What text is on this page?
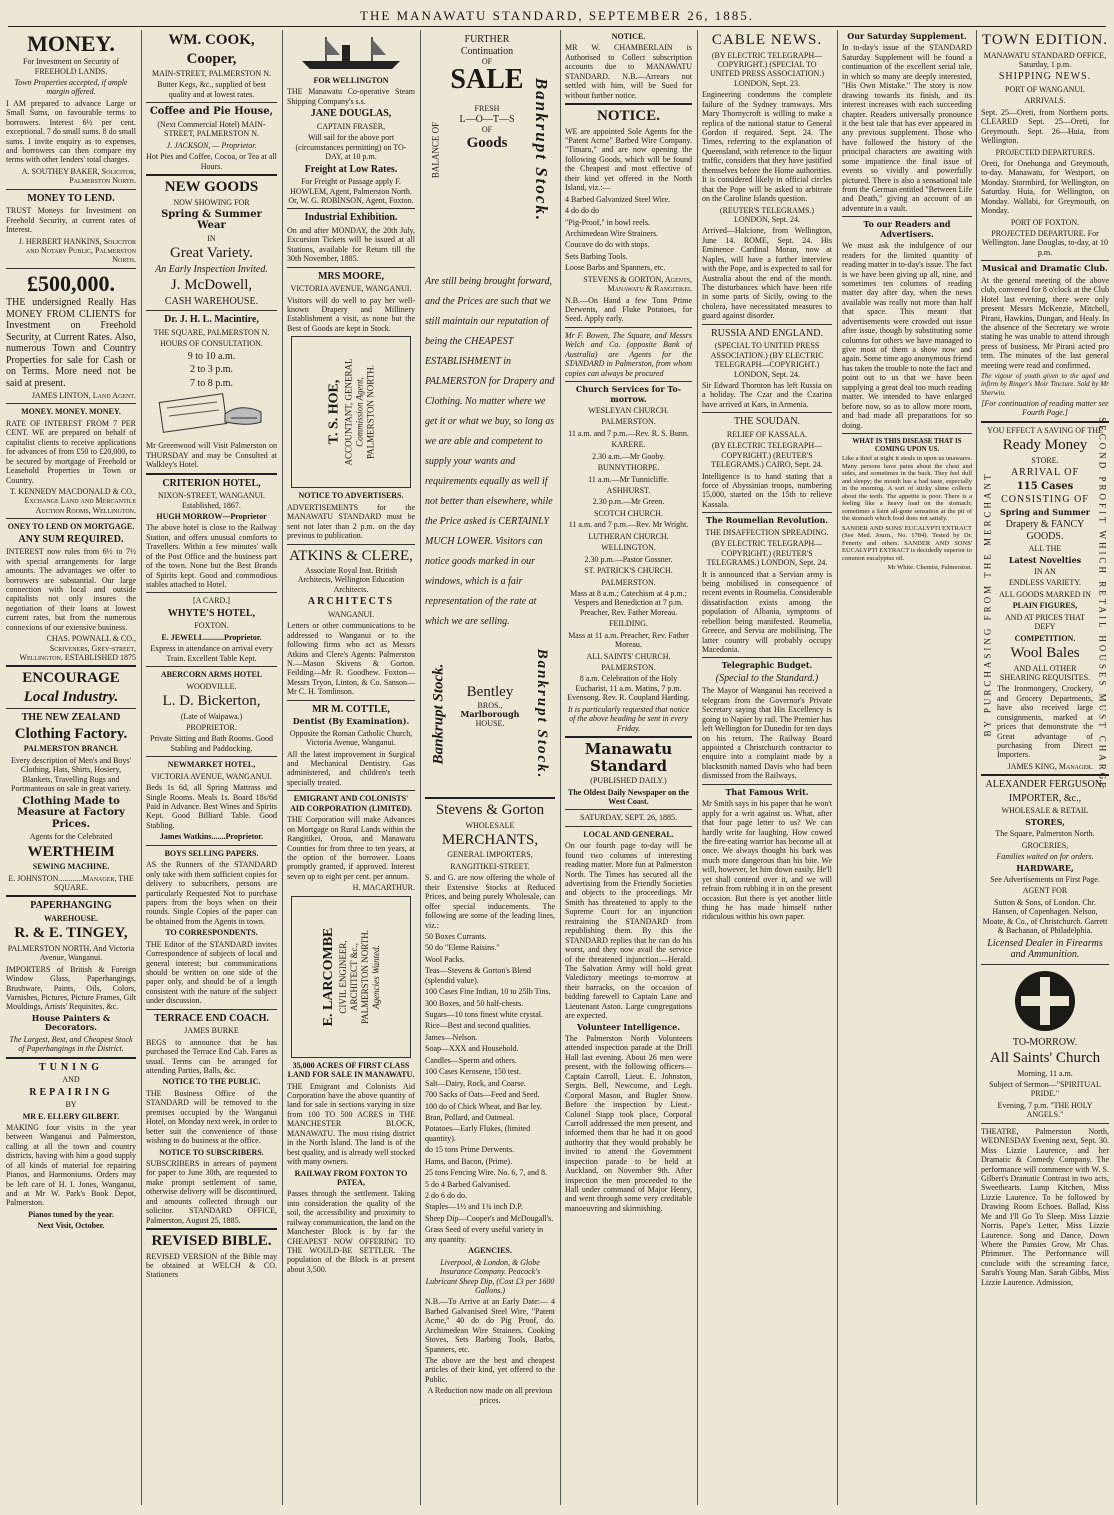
THE MANAWATU STANDARD, SEPTEMBER 26, 1885.
MONEY.

For Investment on Security of FREEHOLD LANDS.

Town Properties accepted, if ample margin offered.

I AM prepared to advance Large or Small Sums, on favourable terms to borrowers. Interest 6½ per cent. exceptional. 7 do small sums. 8 do small sums. I invite enquiry as to expenses, and borrowers can then compare my terms with other lenders' total charges.

A. SOUTHEY BAKER, Solicitor, Palmerston North.

MONEY TO LEND.

TRUST Moneys for Investment on Freehold Security, at current rates of Interest.

J. HERBERT HANKINS, Solicitor and Notary Public, Palmerston North.

£500,000.

THE undersigned Really Has MONEY FROM CLIENTS for Investment on Freehold Security, at Current Rates. Also, numerous Town and Country Properties for sale for Cash or on Terms. More need not be said at present.

JAMES LINTON, Land Agent.

MONEY. MONEY. MONEY.

RATE OF INTEREST FROM 7 PER CENT. WE are prepared on behalf of capitalist clients to receive applications for advances of from £50 to £20,000, to be secured by mortgage of Freehold or Leasehold Properties in Town or Country.

T. KENNEDY MACDONALD & CO., Exchange Land and Mercantile Auction Rooms, Wellington.

ONEY TO LEND ON MORTGAGE.
ANY SUM REQUIRED.

INTEREST now rules from 6½ to 7½ with special arrangements for large amounts. The advantages we offer to borrowers are substantial. Our large connection with local and outside capitalists not only insures the negotiation of their loans at lowest current rates, but from the numerous connexions of our extensive business.

CHAS. POWNALL & CO., Scriveners, Grey-street, Wellington. ESTABLISHED 1875

ENCOURAGE
Local Industry.
THE NEW ZEALAND
Clothing Factory.
PALMERSTON BRANCH.

Every description of Men's and Boys' Clothing, Hats, Shirts, Hosiery, Blankets, Travelling Rugs and Portmanteaus on sale in great variety.

Clothing Made to Measure at Factory Prices.

Agents for the Celebrated

WERTHEIM
SEWING MACHINE.

E. JOHNSTON............Manager, THE SQUARE.

PAPERHANGING
WAREHOUSE.
R. & E. TINGEY,

PALMERSTON NORTH, And Victoria Avenue, Wanganui.

IMPORTERS of British & Foreign Window Glass, Paperhangings, Brushware, Paints, Oils, Colors, Varnishes, Pictures, Picture Frames, Gilt Mouldings, Artists' Requisites, &c.

House Painters & Decorators.

The Largest, Best, and Cheapest Stock of Paperhangings in the District.

TUNING

AND

REPAIRING

BY

MR E. ELLERY GILBERT.

MAKING four visits in the year between Wanganui and Palmerston, calling at all the town and country districts, having with him a good supply of all kinds of material for repairing Pianos, and Harmoniums. Orders may be left care of H. I. Jones, Wanganui, and at Mr W. Park's Book Depot, Palmerston.

Pianos tuned by the year.

Next Visit, October.

WM. COOK,
Cooper,

MAIN-STREET, PALMERSTON N.

Butter Kegs, &c., supplied of best quality and at lowest rates.

Coffee and Pie House,

(Next Commercial Hotel) MAIN-STREET, PALMERSTON N.

J. JACKSON, — Proprietor.

Hot Pies and Coffee, Cocoa, or Tea at all Hours.

NEW GOODS

NOW SHOWING FOR

Spring & Summer Wear

IN

Great Variety.

An Early Inspection Invited.

J. McDowell,

CASH WAREHOUSE.

Dr. J. H. L. Macintire,

THE SQUARE, PALMERSTON N.

HOURS OF CONSULTATION.

9 to 10 a.m.

2 to 3 p.m.

7 to 8 p.m.

Mr Greenwood will Visit Palmerston on THURSDAY and may be Consulted at Walkley's Hotel.

CRITERION HOTEL,

NIXON-STREET, WANGANUI. Established, 1867.

HUGH MORROW—Proprietor

The above hotel is close to the Railway Station, and offers unusual comforts to Travellers. Within a few minutes' walk of the Post Office and the business part of the town. None but the Best Brands of Spirits kept. Good and commodious stables attached to Hotel.

[A CARD.]

WHYTE'S HOTEL,

FOXTON.

E. JEWELL..........Proprietor.

Express in attendance on arrival every Train. Excellent Table Kept.

ABERCORN ARMS HOTEL

WOODVILLE.

L. D. Bickerton,

(Late of Waipawa.)

PROPRIETOR.

Private Sitting and Bath Rooms. Good Stabling and Paddocking.

NEWMARKET HOTEL,

VICTORIA AVENUE, WANGANUI.

Beds 1s 6d, all Spring Mattrass and Single Rooms. Meals 1s. Board 18s/6d Paid in Advance. Best Wines and Spirits Kept. Good Billiard Table. Good Stabling.

James Watkins.......Proprietor.
BOYS SELLING PAPERS.

AS the Runners of the STANDARD only take with them sufficient copies for delivery to subscribers, persons are particularly Requested Not to purchase papers from the boys when on their rounds. Single Copies of the paper can be obtained from the Agents in town.

TO CORRESPONDENTS.

THE Editor of the STANDARD invites Correspondence of subjects of local and general interest; but communications should be written on one side of the paper only, and should be of a length consistent with the nature of the subject under discussion.

TERRACE END COACH.

JAMES BURKE

BEGS to announce that he has purchased the Terrace End Cab. Fares as usual. Terms can be arranged for attending Parties, Balls, &c.

NOTICE TO THE PUBLIC.

THE Business Office of the STANDARD will be removed to the premises occupied by the Wanganui Hotel, on Monday next week, in order to better suit the convenience of those wishing to do business at the office.

NOTICE TO SUBSCRIBERS.

SUBSCRIBERS in arrears of payment for paper to June 30th, are requested to make prompt settlement of same, otherwise delivery will be discontinued, and amounts collected through our solicitor. STANDARD OFFICE, Palmerston, August 25, 1885.

REVISED BIBLE.

REVISED VERSION of the Bible may be obtained at WELCH & CO. Stationers

FOR WELLINGTON

THE Manawatu Co-operative Steam Shipping Company's s.s.

JANE DOUGLAS,

CAPTAIN FRASER,

Will sail for the above port (circumstances permitting) on TO-DAY, at 10 p.m.

Freight at Low Rates.

For Freight or Passage apply F. HOWLEM, Agent, Palmerston North. Or, W. G. ROBINSON, Agent, Foxton.

Industrial Exhibition.

On and after MONDAY, the 20th July, Excursion Tickets will be issued at all Stations, available for Return till the 30th November, 1885.

MRS MOORE,

VICTORIA AVENUE, WANGANUI.

Visitors will do well to pay her well-known Drapery and Millinery Establishment a visit, as none but the Best of Goods are kept in Stock.

T. S. HOE, ACCOUNTANT, GENERAL Commission Agent, PALMERSTON NORTH.
NOTICE TO ADVERTISERS.

ADVERTISEMENTS for the MANAWATU STANDARD must be sent not later than 2 p.m. on the day previous to publication.

ATKINS & CLERE,

Associate Royal Inst. British Architects, Wellington Education Architects.

ARCHITECTS

WANGANUI.

Letters or other communications to be addressed to Wanganui or to the following firms who act as Messrs Atkins and Clere's Agents: Palmerston N.—Mason Skivens & Gorton. Feilding—Mr R. Goodhew. Foxton—Messrs Tryon, Linton, & Co. Sanson—Mr C. H. Tomlinson.

MR M. COTTLE,
Dentist (By Examination).

Opposite the Roman Catholic Church, Victoria Avenue, Wanganui.

All the latest improvement in Surgical and Mechanical Dentistry. Gas administered, and children's teeth specially treated.

EMIGRANT AND COLONISTS' AID CORPORATION (LIMITED).

THE Corporation will make Advances on Mortgage on Rural Lands within the Rangitikei, Oroua, and Manawatu Counties for from three to ten years, at the option of the borrower. Loans promptly granted, if approved. Interest seven up to eight per cent. per annum.

H. MACARTHUR.

E. LARCOMBE CIVIL ENGINEER, ARCHITECT &c., PALMERSTON NORTH. Agencies Wanted.
35,000 ACRES OF FIRST CLASS LAND FOR SALE IN MANAWATU.

THE Emigrant and Colonists Aid Corporation have the above quantity of land for sale in sections varying in size from 100 TO 500 ACRES in THE MANCHESTER BLOCK, MANAWATU. The most rising district in the North Island. The land is of the best quality, and is already well stocked with many owners.

RAILWAY FROM FOXTON TO PATEA,

Passes through the settlement. Taking into consideration the quality of the soil, the accessibility and proximity to railway communication, the land on the Manchester Block is by far the CHEAPEST NOW OFFERING TO THE WOULD-BE SETTLER. The population of the Block is at present about 3,500.

BALANCE OF	Bankrupt Stock.
FURTHER
Continuation
OF
SALE
FRESH
L—O—T—S
OF
Goods

Are still being brought forward, and the Prices are such that we still maintain our reputation of being the CHEAPEST ESTABLISHMENT in PALMERSTON for Drapery and Clothing. No matter where we get it or what we buy, so long as we are able and competent to supply your wants and requirements equally as well if not better than elsewhere, while the Price asked is CERTAINLY MUCH LOWER. Visitors can notice goods marked in our windows, which is a fair representation of the rate at which we are selling.

Bankrupt Stock.	Bankrupt Stock.
Bentley
BROS.,
Marlborough
HOUSE.
Stevens & Gorton

WHOLESALE

MERCHANTS,
GENERAL IMPORTERS,

RANGITIKEI-STREET.

S. and G. are now offering the whole of their Extensive Stocks at Reduced Prices, and being purely Wholesale, can offer special inducements. The following are some of the leading lines, viz.:

50 Boxes Currants.

50 do "Eleme Raisins."

Wool Packs.

Teas—Stevens & Gorton's Blend (splendid value).

100 Cases Fine Indian, 10 to 25lb Tins.

300 Boxes, and 50 half-chests.

Sugars—10 tons finest white crystal.

Rice—Best and second qualities.

James—Nelson.

Soap—XXX and Household.

Candles—Sperm and others.

100 Cases Kerosene, 150 test.

Salt—Dairy, Rock, and Coarse.

700 Sacks of Oats—Feed and Seed.

100 do of Chick Wheat, and Bar ley.

Bran, Pollard, and Oatmeal.

Potatoes—Early Flukes, (limited quantity).

do 15 tons Prime Derwents.

Hams, and Bacon, (Prime).

25 tons Fencing Wire. No. 6, 7, and 8.

5 do 4 Barbed Galvanised.

2 do 6 do do.

Staples—1½ and 1¾ inch D.P.

Sheep Dip—Cooper's and McDougall's.

Grass Seed of every useful variety in any quantity.

AGENCIES.

Liverpool, & London, & Globe Insurance Company. Peacock's Lubricant Sheep Dip, (Cost £3 per 1600 Gallons.)

N.B.—To Arrive at an Early Date:— 4 Barbed Galvanised Steel Wire, "Patent Acme," 40 do do Pig Proof, do. Archimedean Wire Strainers. Cooking Stoves, Sets Barbing Tools, Barbs, Spanners, etc.

The above are the best and cheapest articles of their kind, yet offered to the Public.

A Reduction now made on all previous prices.

NOTICE.

MR W. CHAMBERLAIN is Authorised to Collect subscription accounts due to MANAWATU STANDARD. N.B.—Arrears not settled with him, will be Sued for without further notice.

NOTICE.

WE are appointed Sole Agents for the "Patent Acme" Barbed Wire Company. "Timaru," and are now opening the following Goods, which will be found the Cheapest and most effective of their kind yet offered in the North Island, viz.:—

4 Barbed Galvanized Steel Wire.

4 do do do

"Pig-Proof," in bowl reels.

Archimedean Wire Strainers.

Coucave do do with stops.

Sets Barbing Tools.

Loose Barbs and Spanners, etc.

STEVENS & GORTON, Agents, Manawatu & Rangitikei.

N.B.—On Hand a few Tons Prime Derwents, and Fluke Potatoes, for Seed. Apply early.

Mr F. Bowen, The Square, and Messrs Welch and Co. (opposite Bank of Australia) are Agents for the STANDARD in Palmerston, from whom copies can always be procured

Church Services for To-morrow.

WESLEYAN CHURCH.

PALMERSTON.

11 a.m. and 7 p.m.—Rev. R. S. Bunn.

KARERE.

2.30 a.m.—Mr Gooby.

BUNNYTHORPE.

11 a.m.—Mr Tunnicliffe.

ASHHURST.

2.30 p.m.—Mr Green.

SCOTCH CHURCH.

11 a.m. and 7 p.m.—Rev. Mr Wright.

LUTHERAN CHURCH.

WELLINGTON.

2.30 p.m.—Pastor Gossner.

ST. PATRICK'S CHURCH.

PALMERSTON.

Mass at 8 a.m.; Catechism at 4 p.m.; Vespers and Benediction at 7 p.m. Preacher, Rev. Father Moreau.

FEILDING.

Mass at 11 a.m. Preacher, Rev. Father Moreau.

ALL SAINTS' CHURCH.

PALMERSTON.

8 a.m. Celebration of the Holy Eucharist, 11 a.m. Matins, 7 p.m. Evensong. Rev. R. Coupland Harding.

It is particularly requested that notice of the above heading be sent in every Friday.

Manawatu Standard

(PUBLISHED DAILY.)

The Oldest Daily Newspaper on the West Coast.

SATURDAY, SEPT. 26, 1885.

LOCAL AND GENERAL.

On our fourth page to-day will be found two columns of interesting reading matter. More fun at Palmerston North. The Times has secured all the advertising from the Friendly Societies and objects to the proceedings. Mr Smith has threatened to apply to the Supreme Court for an injunction restraining the STANDARD from republishing them. By this the STANDARD replies that he can do his worst, and they now avail the service of the threatened injunction.—Herald. The Salvation Army will hold great Valedictory meetings to-morrow at their barracks, on the occasion of bidding farewell to Captain Lane and Lieutenant Aston. Large congregations are expected.

Volunteer Intelligence.

The Palmerston North Volunteers attended inspection parade at the Drill Hall last evening. About 26 men were present, with the following officers—Captain Carroll, Lieut. E. Johnston, Sergts. Bell, Newcome, and Legh. Corporal Mason, and Bugler Snow. Before the inspection by Lieut.-Colonel Stapp took place, Corporal Carroll addressed the men present, and informed them that he had it on good authority that they would probably be invited to attend the Government inspection parade to be held at Auckland, on November 9th. After inspection the men proceeded to the Hall under command of Major Henry, and went through some very creditable manoeuvring and skirmishing.

CABLE NEWS.

(BY ELECTRIC TELEGRAPH—COPYRIGHT.) (SPECIAL TO UNITED PRESS ASSOCIATION.) LONDON, Sept. 23.

Engineering condemns the complete failure of the Sydney tramways. Mrs Mary Thornycroft is willing to make a replica of the national statue to General Gordon if required. Sept. 24. The Times, referring to the explanation of Queensland, with reference to the liquor traffic, considers that they have justified themselves before the Home authorities. It is considered likely in official circles that the Pope will be asked to arbitrate on the Caroline Islands question.

(REUTER'S TELEGRAMS.) LONDON, Sept. 24.

Arrived—Halcione, from Wellington, June 14. ROME, Sept. 24. His Eminence Cardinal Moran, now at Naples, will have a further interview with the Pope, and is expected to sail for Australia about the end of the month. The disturbances which have been rife in some parts of Sicily, owing to the cholera, have necessitated measures to guard against disorder.

RUSSIA AND ENGLAND.

(SPECIAL TO UNITED PRESS ASSOCIATION.) (BY ELECTRIC TELEGRAPH—COPYRIGHT.) LONDON, Sept. 24.

Sir Edward Thornton has left Russia on a holiday. The Czar and the Czarina have arrived at Kars, in Armenia.

THE SOUDAN.

RELIEF OF KASSALA.

(BY ELECTRIC TELEGRAPH—COPYRIGHT.) (REUTER'S TELEGRAMS.) CAIRO, Sept. 24.

Intelligence is to hand stating that a force of Abyssinian troops, numbering 15,000, started on the 15th to relieve Kassala.

The Roumelian Revolution.

THE DISAFFECTION SPREADING.

(BY ELECTRIC TELEGRAPH—COPYRIGHT.) (REUTER'S TELEGRAMS.) LONDON, Sept. 24.

It is announced that a Servian army is being mobilised in consequence of recent events in Roumelia. Considerable dissatisfaction exists among the population of Albania, symptoms of rebellion being manifested. Roumelia, Greece, and Servia are mobilising. The latter country will probably occupy Macedonia.

Telegraphic Budget.

(Special to the Standard.)

The Mayor of Wanganui has received a telegram from the Governor's Private Secretary saying that His Excellency is going to Napier by rail. The Premier has left Wellington for Dunedin for ten days on his return. The Railway Board appointed a Christchurch contractor to enquire into a complaint made by a blacksmith named Davis who had been dismissed from the Railways.

That Famous Writ.

Mr Smith says in his paper that he won't apply for a writ against us. What, after that four page letter to us? We can hardly write for laughing. How cowed the fire-eating warrior has become all at once. We always thought his bark was much more dangerous than his bite. We will, however, let him down easily. He'll yet shall contend over it, and we will refrain from rubbing it in on the present occasion. But there is yet another little thing he has made himself rather ridiculous within his own paper.

Our Saturday Supplement.

In to-day's issue of the STANDARD Saturday Supplement will be found a continuation of the excellent serial tale, in which so many are deeply interested, "His Own Mistake." The story is now drawing towards its finish, and its interest increases with each succeeding chapter. Readers universally pronounce it the best tale that has ever appeared in any previous supplement. Those who have followed the history of the principal characters are awaiting with some impatience the final issue of events so vividly and powerfully pictured. There is also a sensational tale from the German entitled "Between Life and Death," giving an account of an adventure in a vault.

To our Readers and Advertisers.

We must ask the indulgence of our readers for the limited quantity of reading matter in to-day's issue. The fact is we have been giving up all, nine, and sometimes ten columns of reading matter day after day, when the news available was really not more than half that space. This meant that advertisements were crowded out issue after issue, though by substituting some columns for others we have managed to give most of them a show now and again. Some time ago anonymous friend has taken the trouble to note the fact and point out to us that we have been supplying a great deal too much reading matter. We intended to have enlarged before now, so as to allow more room, and had made all preparations for so doing.

WHAT IS THIS DISEASE THAT IS COMING UPON US.

Like a thief at night it steals in upon us unawares. Many persons have pains about the chest and sides, and sometimes in the back. They feel dull and sleepy; the mouth has a bad taste, especially in the morning. A sort of sticky slime collects about the teeth. The appetite is poor. There is a feeling like a heavy load on the stomach; sometimes a faint all-gone sensation at the pit of the stomach which food does not satisfy.

SANDER AND SONS' EUCALYPTI EXTRACT (See Med. Journ., No. 1784). Tested by Dr. Fenerty and others. SANDER AND SONS' EUCALYPTI EXTRACT is decidedly superior to common eucalyptus oil.

Mr White. Chemist, Palmerston.

TOWN EDITION.

MANAWATU STANDARD OFFICE, Saturday, 1 p.m.

SHIPPING NEWS.

PORT OF WANGANUI.

ARRIVALS.

Sept. 25—Oreti, from Northern ports. CLEARED Sept. 25—Oreti, for Greymouth. Sept. 26—Huia, from Wellington.

PROJECTED DEPARTURES.

Oreti, for Onehunga and Greymouth, to-day. Manawatu, for Westport, on Monday. Stormbird, for Wellington, on Saturday. Huia, for Wellington, on Monday. Wallabi, for Greymouth, on Monday.

PORT OF FOXTON.

PROJECTED DEPARTURE. For Wellington. Jane Douglas, to-day, at 10 p.m.

Musical and Dramatic Club.

At the general meeting of the above club, convened for 8 o'clock at the Club Hotel last evening, there were only present Messrs McKenzie, Mitchell, Pirani, Hawkins, Dungan, and Healy. In the absence of the Secretary we wrote stating he was unable to attend through press of business, Mr Pirani acted pro tem. The minutes of the last general meeting were read and confirmed.

The vigour of youth given to the aged and infirm by Ringer's Moir Tincture. Sold by Mr Sherwin.

[For continuation of reading matter see Fourth Page.]

YOU EFFECT A SAVING OF THE

BY PURCHASING FROM THE MERCHANT	SECOND PROFIT WHICH RETAIL HOUSES MUST CHARGE
Ready Money

STORE.

ARRIVAL OF

115 Cases

CONSISTING OF

Spring and Summer

Drapery & FANCY GOODS.

ALL THE

Latest Novelties

IN AN

ENDLESS VARIETY.

ALL GOODS MARKED IN

PLAIN FIGURES,

AND AT PRICES THAT DEFY

COMPETITION.
Wool Bales

AND ALL OTHER SHEARING REQUISITES.

The Ironmongery, Crockery, and Grocery Departments, have also received large consignments, marked at prices that demonstrate the Great advantage of purchasing from Direct Importers.

JAMES KING, Manager.

ALEXANDER FERGUSON,
IMPORTER, &c.,

WHOLESALE & RETAIL

STORES,

The Square, Palmerston North.

GROCERIES,

Families waited on for orders.

HARDWARE,

See Advertisements on First Page.

AGENT FOR

Sutton & Sons, of London. Chr. Hansen, of Copenhagen. Nelson, Moate, & Co., of Christchurch. Garrett & Bachanan, of Philadelphia.

Licensed Dealer in Firearms and Ammunition.

TO-MORROW.
All Saints' Church

Morning, 11 a.m.

Subject of Sermon—"SPIRITUAL PRIDE."

Evening, 7 p.m. "THE HOLY ANGELS."

THEATRE, Palmerston North, WEDNESDAY Evening next, Sept. 30. Miss Lizzie Laurence, and her Dramatic & Comedy Company. The performance will commence with W. S. Gilbert's Dramatic Contrast in two acts, Sweethearts. Lump Kitchen, Miss Lizzie Laurence. To be followed by Drawing Room Echoes. Ballad, Kiss Me and I'll Go To Sleep. Miss Lizzie Norris. Pape's Letter, Miss Lizzie Laurence. Song and Dance, Down Where the Pansies Grow, Mr Chas. Pfrimmer. The Performance will conclude with the screaming farce, Sarah's Young Man. Sarah Gibbs, Miss Lizzie Laurence. Admission,
